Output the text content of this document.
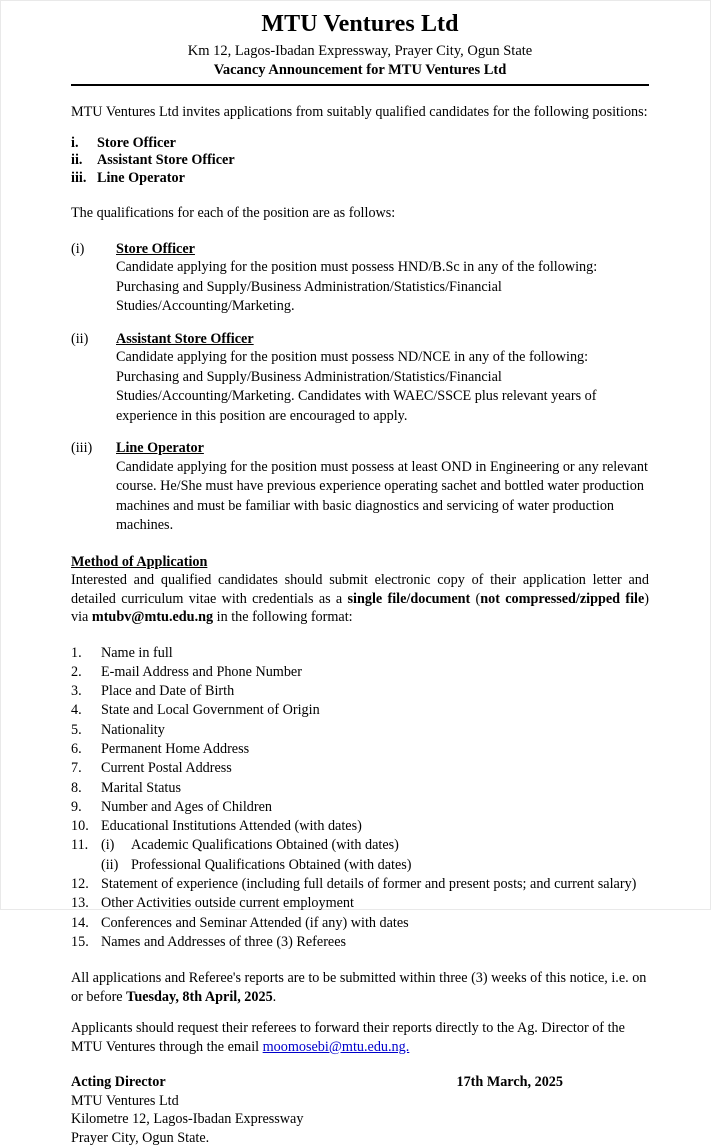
MTU Ventures Ltd
Km 12, Lagos-Ibadan Expressway, Prayer City, Ogun State
Vacancy Announcement for MTU Ventures Ltd

MTU Ventures Ltd invites applications from suitably qualified candidates for the following positions:

i.	Store Officer
ii.	Assistant Store Officer
iii. Line Operator

The qualifications for each of the position are as follows:

(i)	Store Officer

Candidate applying for the position must possess HND/B.Sc in any of the following: Purchasing and Supply/Business Administration/Statistics/Financial Studies/Accounting/Marketing.

(ii)	Assistant Store Officer

Candidate applying for the position must possess ND/NCE in any of the following: Purchasing and Supply/Business Administration/Statistics/Financial Studies/Accounting/Marketing. Candidates with WAEC/SSCE plus relevant years of experience in this position are encouraged to apply.

(iii)	Line Operator

Candidate applying for the position must possess at least OND in Engineering or any relevant course. He/She must have previous experience operating sachet and bottled water production machines and must be familiar with basic diagnostics and servicing of water production machines.

Method of Application

Interested and qualified candidates should submit electronic copy of their application letter and detailed curriculum vitae with credentials as a single file/document (not compressed/zipped file) via mtubv@mtu.edu.ng in the following format:

1.	Name in full
2.	E-mail Address and Phone Number
3.	Place and Date of Birth
4.	State and Local Government of Origin
5.	Nationality
6.	Permanent Home Address
7.	Current Postal Address
8.	Marital Status
9.	Number and Ages of Children
10. Educational Institutions Attended (with dates)
11. (i) Academic Qualifications Obtained (with dates)
(ii) Professional Qualifications Obtained (with dates)
12. Statement of experience (including full details of former and present posts; and current salary)
13. Other Activities outside current employment
14. Conferences and Seminar Attended (if any) with dates
15. Names and Addresses of three (3) Referees

All applications and Referee's reports are to be submitted within three (3) weeks of this notice, i.e. on or before Tuesday, 8th April, 2025.

Applicants should request their referees to forward their reports directly to the Ag. Director of the MTU Ventures through the email moomosebi@mtu.edu.ng.

Acting Director	17th March, 2025
MTU Ventures Ltd
Kilometre 12, Lagos-Ibadan Expressway
Prayer City, Ogun State.
